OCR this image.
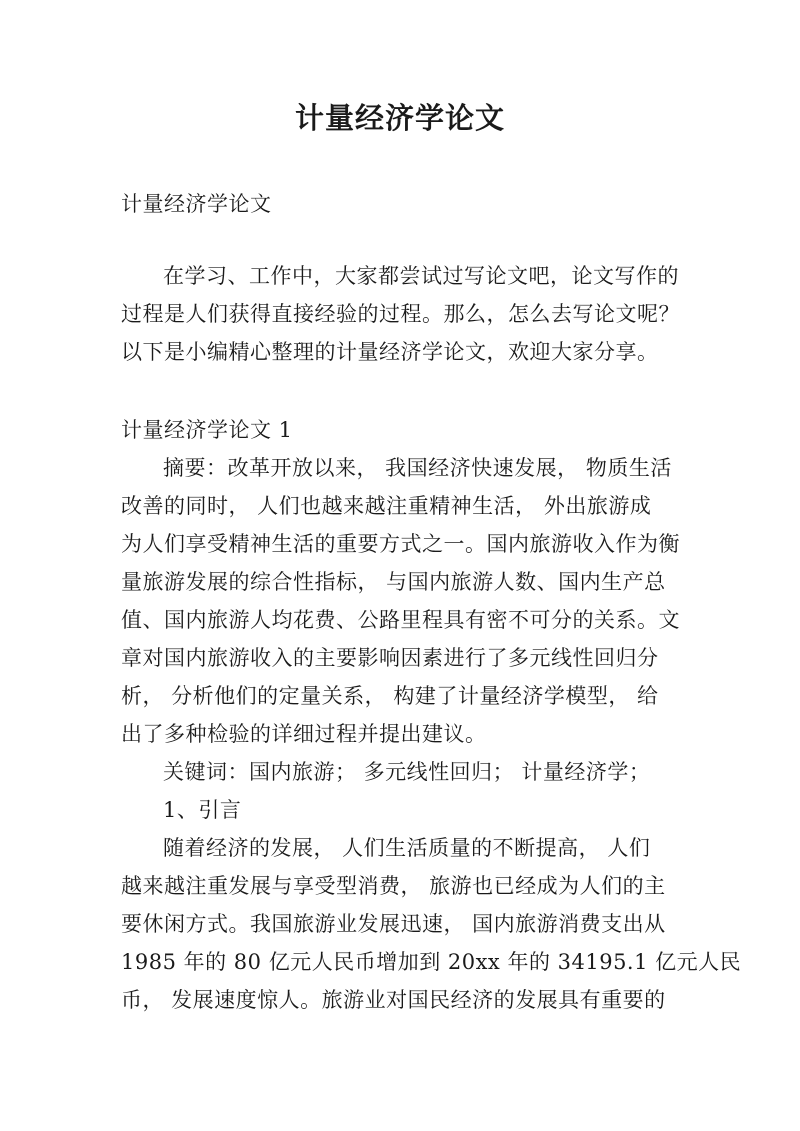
计量经济学论文
计量经济学论文
在学习、工作中，大家都尝试过写论文吧，论文写作的
过程是人们获得直接经验的过程。那么，怎么去写论文呢？
以下是小编精心整理的计量经济学论文，欢迎大家分享。
计量经济学论文 1
摘要：改革开放以来， 我国经济快速发展， 物质生活
改善的同时， 人们也越来越注重精神生活， 外出旅游成
为人们享受精神生活的重要方式之一。国内旅游收入作为衡
量旅游发展的综合性指标， 与国内旅游人数、国内生产总
值、国内旅游人均花费、公路里程具有密不可分的关系。文
章对国内旅游收入的主要影响因素进行了多元线性回归分
析， 分析他们的定量关系， 构建了计量经济学模型， 给
出了多种检验的详细过程并提出建议。
关键词：国内旅游； 多元线性回归； 计量经济学；
1、引言
随着经济的发展， 人们生活质量的不断提高， 人们
越来越注重发展与享受型消费， 旅游也已经成为人们的主
要休闲方式。我国旅游业发展迅速， 国内旅游消费支出从
1985 年的 80 亿元人民币增加到 20xx 年的 34195.1 亿元人民
币， 发展速度惊人。旅游业对国民经济的发展具有重要的
